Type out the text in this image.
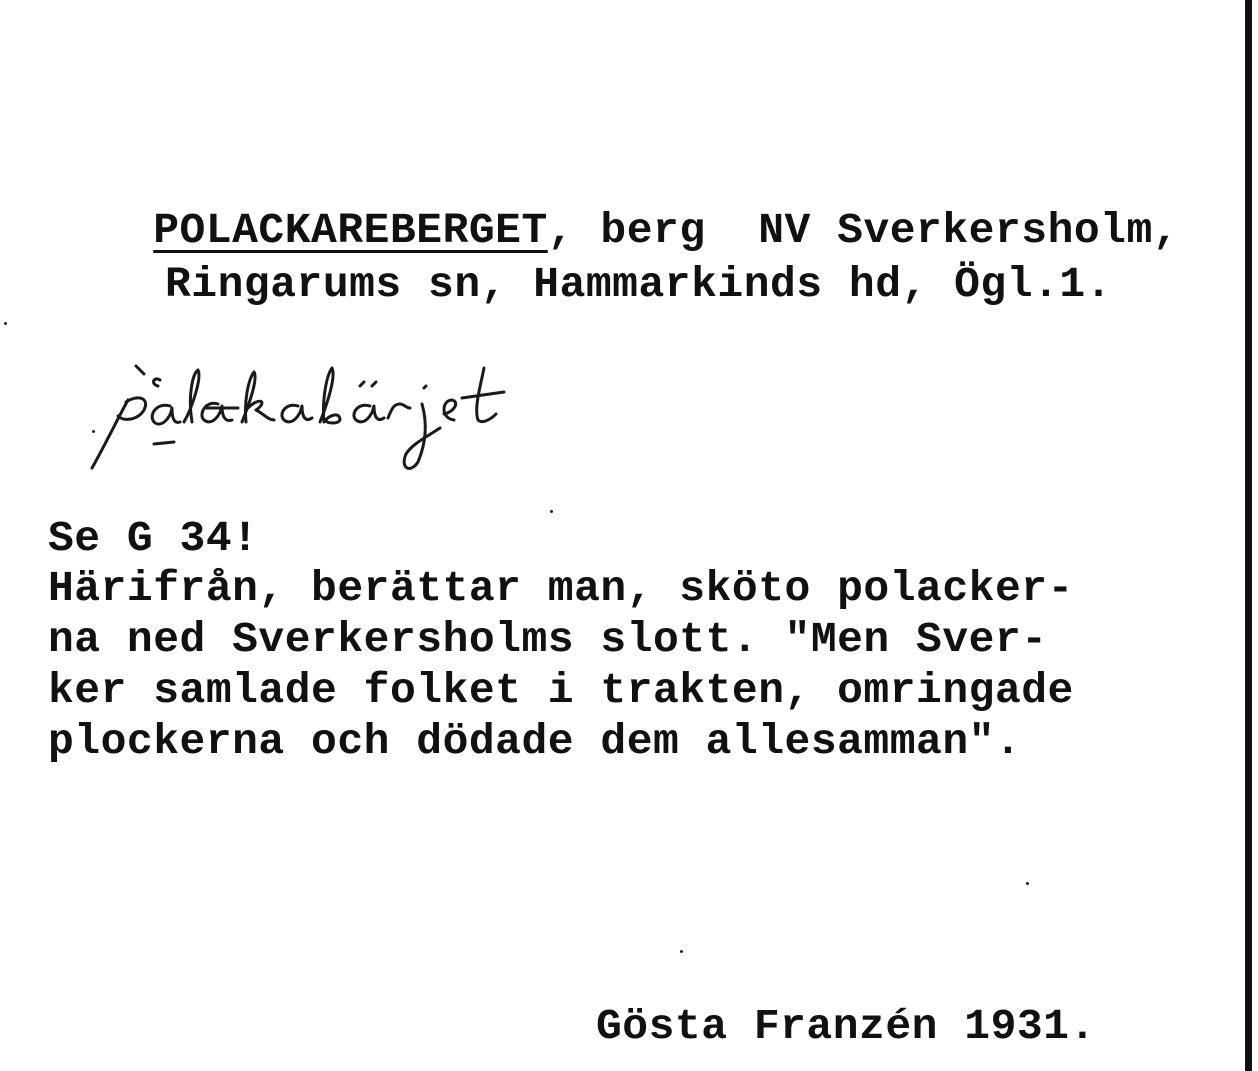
POLACKAREBERGET, berg  NV Sverkersholm,

Ringarums sn, Hammarkinds hd, Ögl.1.
Se G 34!
Härifrån, berättar man, sköto polacker-
na ned Sverkersholms slott. "Men Sver-
ker samlade folket i trakten, omringade
plockerna och dödade dem allesamman".
Gösta Franzén 1931.
